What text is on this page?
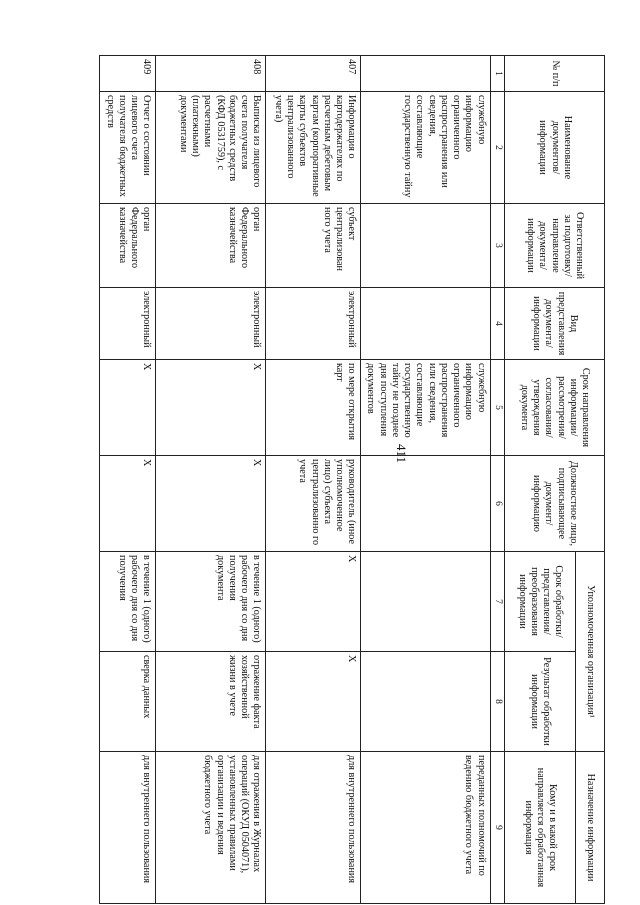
411
№ п/п	Наименование документов/ информации	Ответственный за подготовку/ направление документа/ информации	Вид представления документа/ информации	Срок направления информации/ рассмотрения/ согласования/ утверждения документа	Должностное лицо, подписывающее документ/ информацию	Уполномоченная организация¹		Назначение информации
						Срок обработки/ представления/ преобразования информации	Результат обработки информации	Кому и в какой срок направляется обработанная информация
1	2	3	4	5	6	7	8	9
	служебную информацию ограниченного распространения или сведения, составляющие государственную тайну			служебную информацию ограниченного распространения или сведения, составляющие государственную тайну не позднее дня поступления документов				переданных полномочий по ведению бюджетного учета
407	Информация о картодержателях по расчетным дебетовым картам (корпоративные карты субъектов централизованного учета)	субъект централизован ного учета	электронный	по мере открытия карт	руководитель (иное уполномоченное лицо) субъекта централизованно го учета	X	X	для внутреннего пользования
408	Выписка из лицевого счета получателя бюджетных средств (КФД 0531759), с расчетными (платежными) документами	орган Федерального казначейства	электронный	X	X	в течение 1 (одного) рабочего дня со дня получения документа	отражение факта хозяйственной жизни в учете	для отражения в Журналах операций (ОКУД 0504071), установленных правилами организации и ведения бюджетного учета
409	Отчет о состоянии лицевого счета получателя бюджетных средств	орган Федерального казначейства	электронный	X	X	в течение 1 (одного) рабочего дня со дня получения	сверка данных	для внутреннего пользования
